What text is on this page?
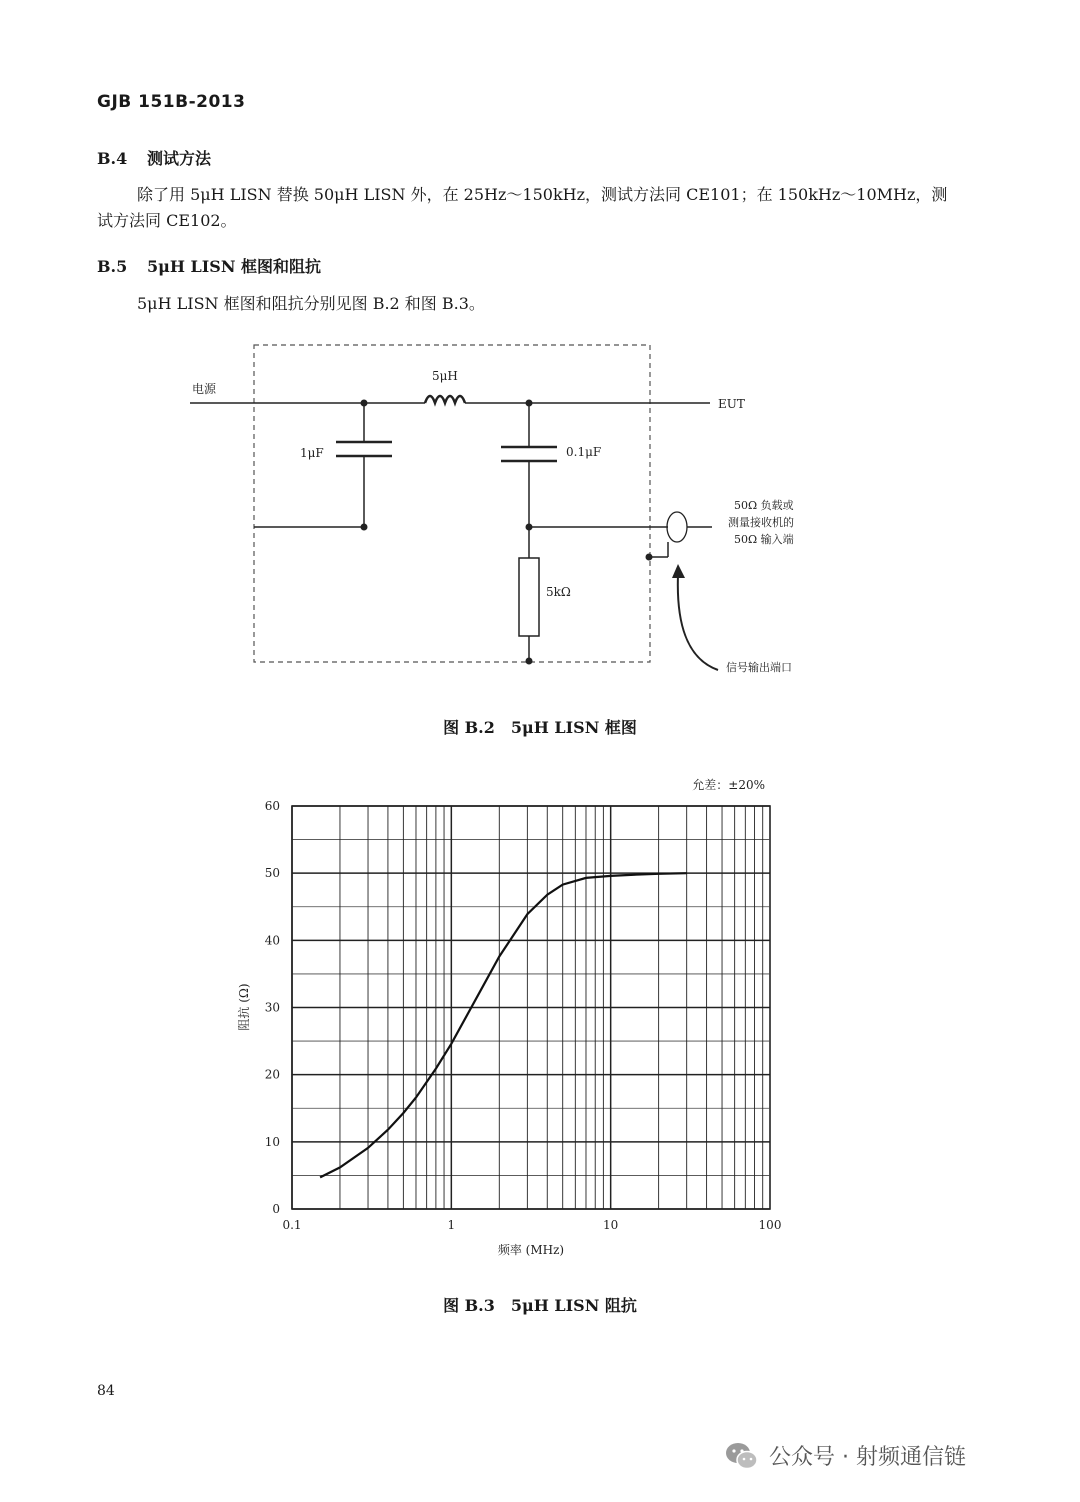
GJB 151B-2013
B.4 测试方法
除了用 5μH LISN 替换 50μH LISN 外，在 25Hz～150kHz，测试方法同 CE101；在 150kHz～10MHz，测试方法同 CE102。
B.5 5μH LISN 框图和阻抗
5μH LISN 框图和阻抗分别见图 B.2 和图 B.3。
电源
5μH
EUT
1μF	0.1μF
5kΩ
50Ω 负载或
测量接收机的
50Ω 输入端
信号输出端口
图 B.2　5μH LISN 框图
0
10
20
30
40
50
60
0.1	1	10	100
允差：±20%
频率 (MHz)
阻抗 (Ω)
图 B.3　5μH LISN 阻抗
84
公众号 · 射频通信链
